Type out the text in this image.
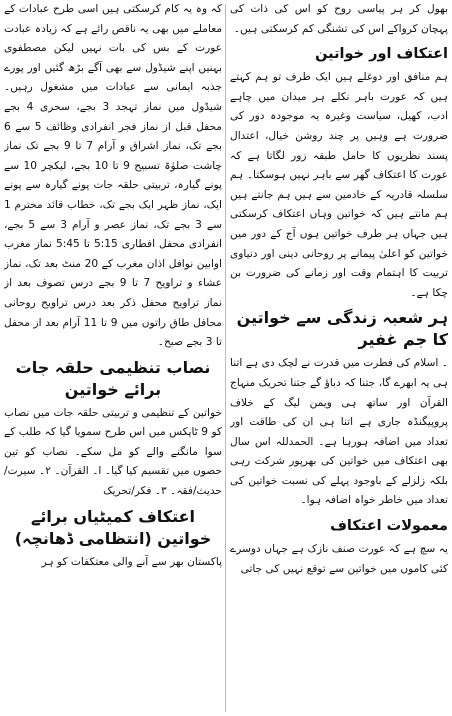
بھول کر ہر پیاسی روح کو اس کی ذات کی پہچان کرواکے اس کی تشنگی کم کرسکتی ہیں۔

اعتکاف اور خواتین

ہم منافق اور دوغلے ہیں ایک طرف تو ہم کہتے ہیں کہ عورت باہر نکلے ہر میدان میں چاہے ادب، کھیل، سیاست وغیرہ یہ موجودہ دور کی ضرورت ہے وہیں پر چند روشن خیال، اعتدال پسند نظریوں کا حامل طبقہ زور لگاتا ہے کہ عورت کا اعتکاف گھر سے باہر نہیں ہوسکتا۔ ہم سلسلہ قادریہ کے خادمین سے ہیں ہم جانتے ہیں ہم مانتے ہیں کہ خواتین وہاں اعتکاف کرسکتی ہیں جہاں ہر طرف خواتین ہوں آج کے دور میں خواتین کو اعلیٰ پیمانے پر روحانی دینی اور دنیاوی تربیت کا اہتمام وقت اور زمانے کی ضرورت بن چکا ہے۔

ہر شعبہ زندگی سے خواتین کا جم غفیر

۔ اسلام کی فطرت میں قدرت نے لچک دی ہے اتنا ہی یہ ابھرے گا، جتنا کہ دباؤ گے جتنا تحریک منہاج القرآن اور ساتھ ہی ویمن لیگ کے خلاف پروپیگنڈہ جاری ہے اتنا ہی ان کی طاقت اور تعداد میں اضافہ ہورہا ہے۔ الحمدللہ اس سال بھی اعتکاف میں خواتین کی بھرپور شرکت رہی بلکہ زلزلے کے باوجود پہلے کی نسبت خواتین کی تعداد میں خاطر خواہ اضافہ ہوا۔

معمولات اعتکاف

یہ سچ ہے کہ عورت صنف نازک ہے جہاں دوسرے کئی کاموں میں خواتین سے توقع نہیں کی جاتی

کہ وہ یہ کام کرسکتی ہیں اسی طرح عبادات کے معاملے میں بھی یہ ناقص رائے ہے کہ زیادہ عبادت عورت کے بس کی بات نہیں لیکن مصطفوی بہنیں اپنے شیڈول سے بھی آگے بڑھ گئیں اور پورے جذبہ ایمانی سے عبادات میں مشغول رہیں۔ شیڈول میں نماز تہجد 3 بجے، سحری 4 بجے محفل قبل از نماز فجر انفرادی وظائف 5 سے 6 بجے تک، نماز اشراق و آرام 7 تا 9 بجے تک نماز چاشت صلوٰۃ تسبیح 9 تا 10 بجے، لیکچر 10 سے پونے گیارہ، تربیتی حلقہ جات پونے گیارہ سے پونے ایک، نماز ظہر ایک بجے تک، خطاب قائد محترم 1 سے 3 بجے تک، نماز عصر و آرام 3 سے 5 بجے، انفرادی محفل افطاری 5:15 تا 5:45 نماز مغرب اوابین نوافل اذان مغرب کے 20 منٹ بعد تک، نماز عشاء و تراویح 7 تا 9 بجے درس تصوف بعد از نماز تراویح محفل ذکر بعد درس تراویح روحانی محافل طاق راتوں میں 9 تا 11 آرام بعد از محفل تا 3 بجے صبح۔

نصاب تنظیمی حلقہ جات برائے خواتین

خواتین کے تنظیمی و تربیتی حلقہ جات میں نصاب کو 9 ٹاپکس میں اس طرح سمویا گیا کہ طلب کے سوا مانگنے والے کو مل سکے۔ نصاب کو تین حصوں میں تقسیم کیا گیا۔ ا۔ القرآن۔ ۲۔ سیرت/حدیث/فقہ۔ ۳۔ فکر/تحریک

اعتکاف کمیٹیاں برائے خواتین (انتظامی ڈھانچہ)

پاکستان بھر سے آنے والی معتکفات کو ہر
